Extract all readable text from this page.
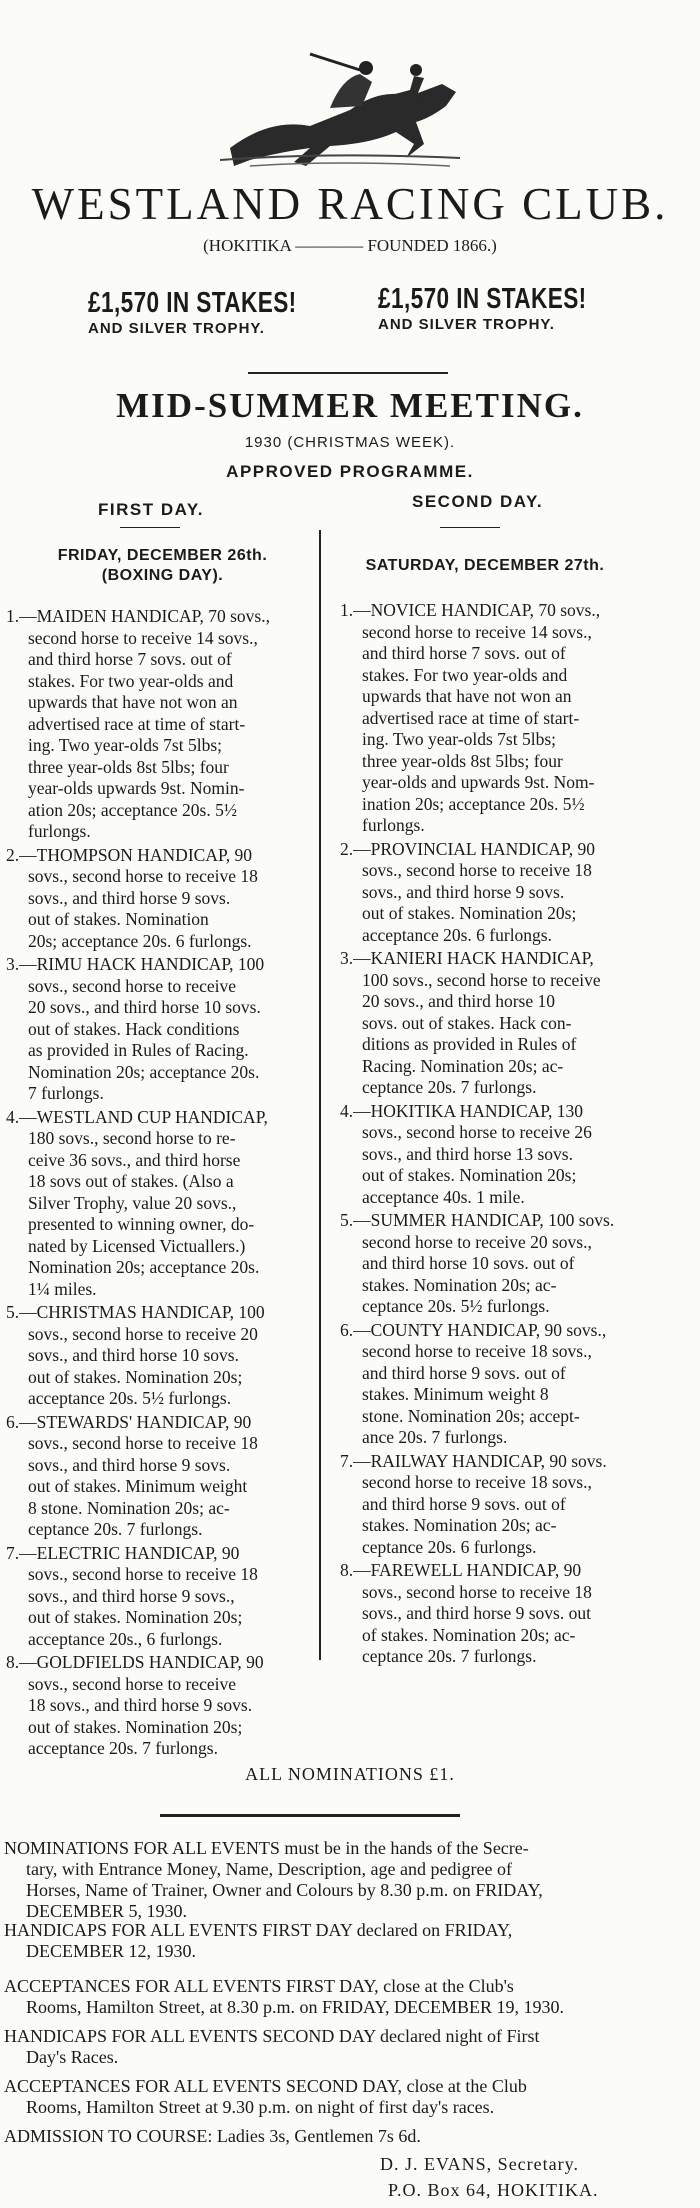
WESTLAND RACING CLUB.
(HOKITIKA ———— FOUNDED 1866.)
£1,570 IN STAKES!
AND SILVER TROPHY.
£1,570 IN STAKES!
AND SILVER TROPHY.
MID-SUMMER MEETING.
1930 (CHRISTMAS WEEK).
APPROVED PROGRAMME.
FIRST DAY.	SECOND DAY.
FRIDAY, DECEMBER 26th.
(BOXING DAY).
SATURDAY, DECEMBER 27th.
1.—MAIDEN HANDICAP, 70 sovs.,
second horse to receive 14 sovs.,
and third horse 7 sovs. out of
stakes. For two year-olds and
upwards that have not won an
advertised race at time of start-
ing. Two year-olds 7st 5lbs;
three year-olds 8st 5lbs; four
year-olds upwards 9st. Nomin-
ation 20s; acceptance 20s. 5½
furlongs.
2.—THOMPSON HANDICAP, 90
sovs., second horse to receive 18
sovs., and third horse 9 sovs.
out of stakes. Nomination
20s; acceptance 20s. 6 furlongs.
3.—RIMU HACK HANDICAP, 100
sovs., second horse to receive
20 sovs., and third horse 10 sovs.
out of stakes. Hack conditions
as provided in Rules of Racing.
Nomination 20s; acceptance 20s.
7 furlongs.
4.—WESTLAND CUP HANDICAP,
180 sovs., second horse to re-
ceive 36 sovs., and third horse
18 sovs out of stakes. (Also a
Silver Trophy, value 20 sovs.,
presented to winning owner, do-
nated by Licensed Victuallers.)
Nomination 20s; acceptance 20s.
1¼ miles.
5.—CHRISTMAS HANDICAP, 100
sovs., second horse to receive 20
sovs., and third horse 10 sovs.
out of stakes. Nomination 20s;
acceptance 20s. 5½ furlongs.
6.—STEWARDS' HANDICAP, 90
sovs., second horse to receive 18
sovs., and third horse 9 sovs.
out of stakes. Minimum weight
8 stone. Nomination 20s; ac-
ceptance 20s. 7 furlongs.
7.—ELECTRIC HANDICAP, 90
sovs., second horse to receive 18
sovs., and third horse 9 sovs.,
out of stakes. Nomination 20s;
acceptance 20s., 6 furlongs.
8.—GOLDFIELDS HANDICAP, 90
sovs., second horse to receive
18 sovs., and third horse 9 sovs.
out of stakes. Nomination 20s;
acceptance 20s. 7 furlongs.
1.—NOVICE HANDICAP, 70 sovs.,
second horse to receive 14 sovs.,
and third horse 7 sovs. out of
stakes. For two year-olds and
upwards that have not won an
advertised race at time of start-
ing. Two year-olds 7st 5lbs;
three year-olds 8st 5lbs; four
year-olds and upwards 9st. Nom-
ination 20s; acceptance 20s. 5½
furlongs.
2.—PROVINCIAL HANDICAP, 90
sovs., second horse to receive 18
sovs., and third horse 9 sovs.
out of stakes. Nomination 20s;
acceptance 20s. 6 furlongs.
3.—KANIERI HACK HANDICAP,
100 sovs., second horse to receive
20 sovs., and third horse 10
sovs. out of stakes. Hack con-
ditions as provided in Rules of
Racing. Nomination 20s; ac-
ceptance 20s. 7 furlongs.
4.—HOKITIKA HANDICAP, 130
sovs., second horse to receive 26
sovs., and third horse 13 sovs.
out of stakes. Nomination 20s;
acceptance 40s. 1 mile.
5.—SUMMER HANDICAP, 100 sovs.
second horse to receive 20 sovs.,
and third horse 10 sovs. out of
stakes. Nomination 20s; ac-
ceptance 20s. 5½ furlongs.
6.—COUNTY HANDICAP, 90 sovs.,
second horse to receive 18 sovs.,
and third horse 9 sovs. out of
stakes. Minimum weight 8
stone. Nomination 20s; accept-
ance 20s. 7 furlongs.
7.—RAILWAY HANDICAP, 90 sovs.
second horse to receive 18 sovs.,
and third horse 9 sovs. out of
stakes. Nomination 20s; ac-
ceptance 20s. 6 furlongs.
8.—FAREWELL HANDICAP, 90
sovs., second horse to receive 18
sovs., and third horse 9 sovs. out
of stakes. Nomination 20s; ac-
ceptance 20s. 7 furlongs.
ALL NOMINATIONS £1.
NOMINATIONS FOR ALL EVENTS must be in the hands of the Secre-
tary, with Entrance Money, Name, Description, age and pedigree of
Horses, Name of Trainer, Owner and Colours by 8.30 p.m. on FRIDAY,
DECEMBER 5, 1930.
HANDICAPS FOR ALL EVENTS FIRST DAY declared on FRIDAY,
DECEMBER 12, 1930.
ACCEPTANCES FOR ALL EVENTS FIRST DAY, close at the Club's
Rooms, Hamilton Street, at 8.30 p.m. on FRIDAY, DECEMBER 19, 1930.
HANDICAPS FOR ALL EVENTS SECOND DAY declared night of First
Day's Races.
ACCEPTANCES FOR ALL EVENTS SECOND DAY, close at the Club
Rooms, Hamilton Street at 9.30 p.m. on night of first day's races.
ADMISSION TO COURSE: Ladies 3s, Gentlemen 7s 6d.
D. J. EVANS, Secretary.
P.O. Box 64, HOKITIKA.
